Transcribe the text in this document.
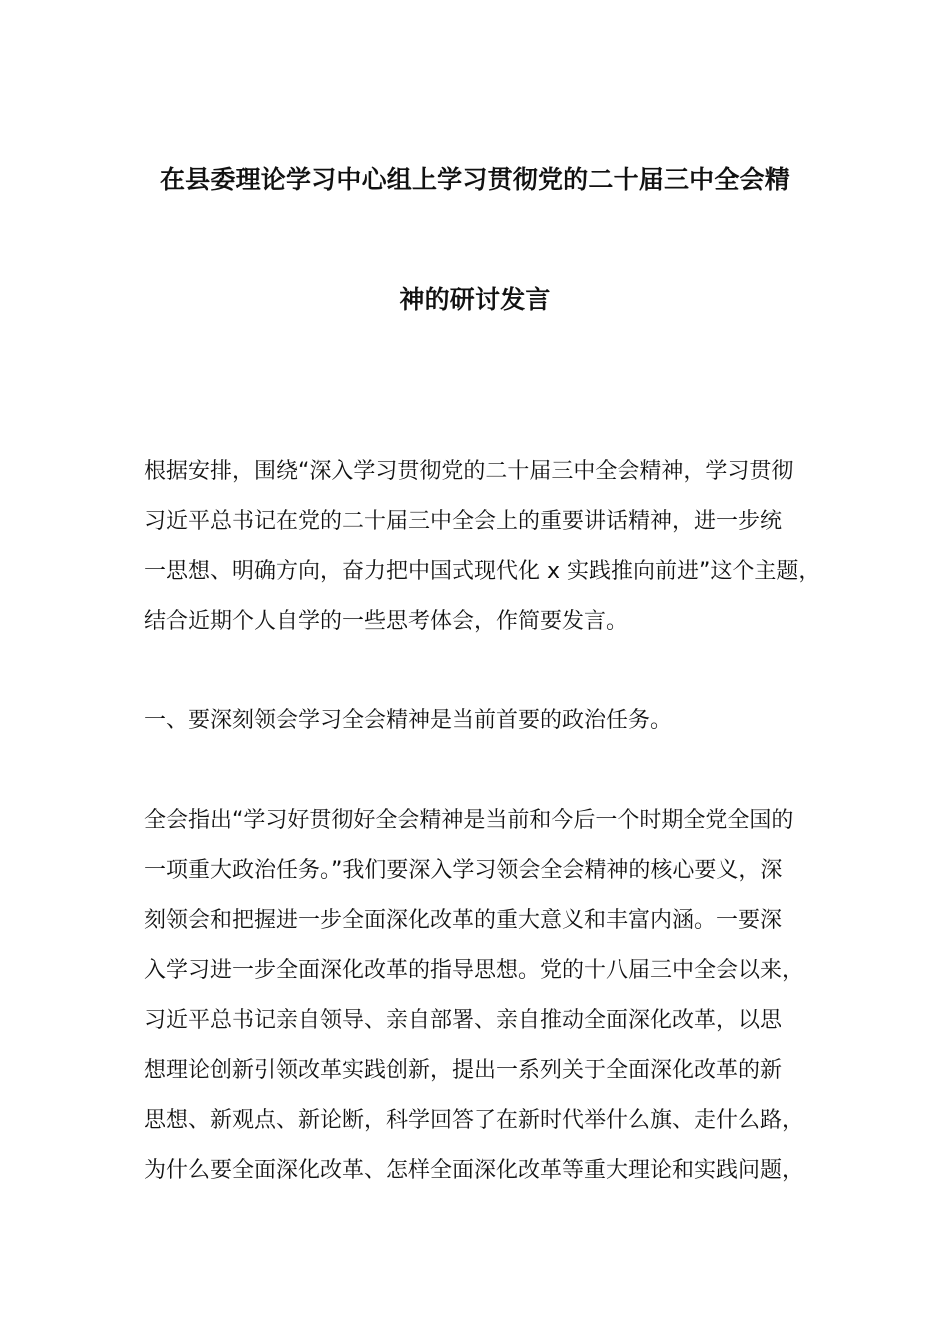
在县委理论学习中心组上学习贯彻党的二十届三中全会精
神的研讨发言
根据安排，围绕“深入学习贯彻党的二十届三中全会精神，学习贯彻
习近平总书记在党的二十届三中全会上的重要讲话精神，进一步统
一思想、明确方向，奋力把中国式现代化 x 实践推向前进”这个主题，
结合近期个人自学的一些思考体会，作简要发言。
一、要深刻领会学习全会精神是当前首要的政治任务。
全会指出“学习好贯彻好全会精神是当前和今后一个时期全党全国的
一项重大政治任务。”我们要深入学习领会全会精神的核心要义，深
刻领会和把握进一步全面深化改革的重大意义和丰富内涵。一要深
入学习进一步全面深化改革的指导思想。党的十八届三中全会以来，
习近平总书记亲自领导、亲自部署、亲自推动全面深化改革，以思
想理论创新引领改革实践创新，提出一系列关于全面深化改革的新
思想、新观点、新论断，科学回答了在新时代举什么旗、走什么路，
为什么要全面深化改革、怎样全面深化改革等重大理论和实践问题，
